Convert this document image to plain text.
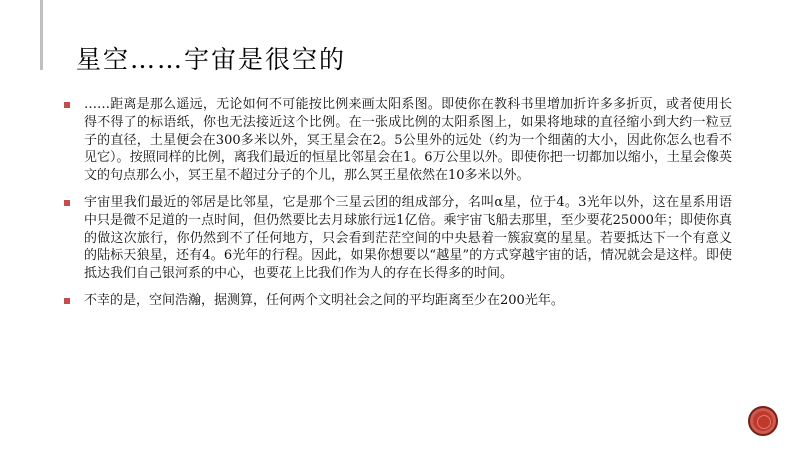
星空……宇宙是很空的

……距离是那么遥远，无论如何不可能按比例来画太阳系图。即使你在教科书里增加折许多多折页，或者使用长得不得了的标语纸，你也无法接近这个比例。在一张成比例的太阳系图上，如果将地球的直径缩小到大约一粒豆子的直径，土星便会在300多米以外，冥王星会在2。5公里外的远处（约为一个细菌的大小，因此你怎么也看不见它）。按照同样的比例，离我们最近的恒星比邻星会在1。6万公里以外。即使你把一切都加以缩小，土星会像英文的句点那么小，冥王星不超过分子的个儿，那么冥王星依然在10多米以外。

宇宙里我们最近的邻居是比邻星，它是那个三星云团的组成部分，名叫α星，位于4。3光年以外，这在星系用语中只是微不足道的一点时间，但仍然要比去月球旅行远1亿倍。乘宇宙飞船去那里，至少要花25000年；即使你真的做这次旅行，你仍然到不了任何地方，只会看到茫茫空间的中央悬着一簇寂寞的星星。若要抵达下一个有意义的陆标天狼星，还有4。6光年的行程。因此，如果你想要以“越星”的方式穿越宇宙的话，情况就会是这样。即使抵达我们自己银河系的中心，也要花上比我们作为人的存在长得多的时间。

不幸的是，空间浩瀚，据测算，任何两个文明社会之间的平均距离至少在200光年。
